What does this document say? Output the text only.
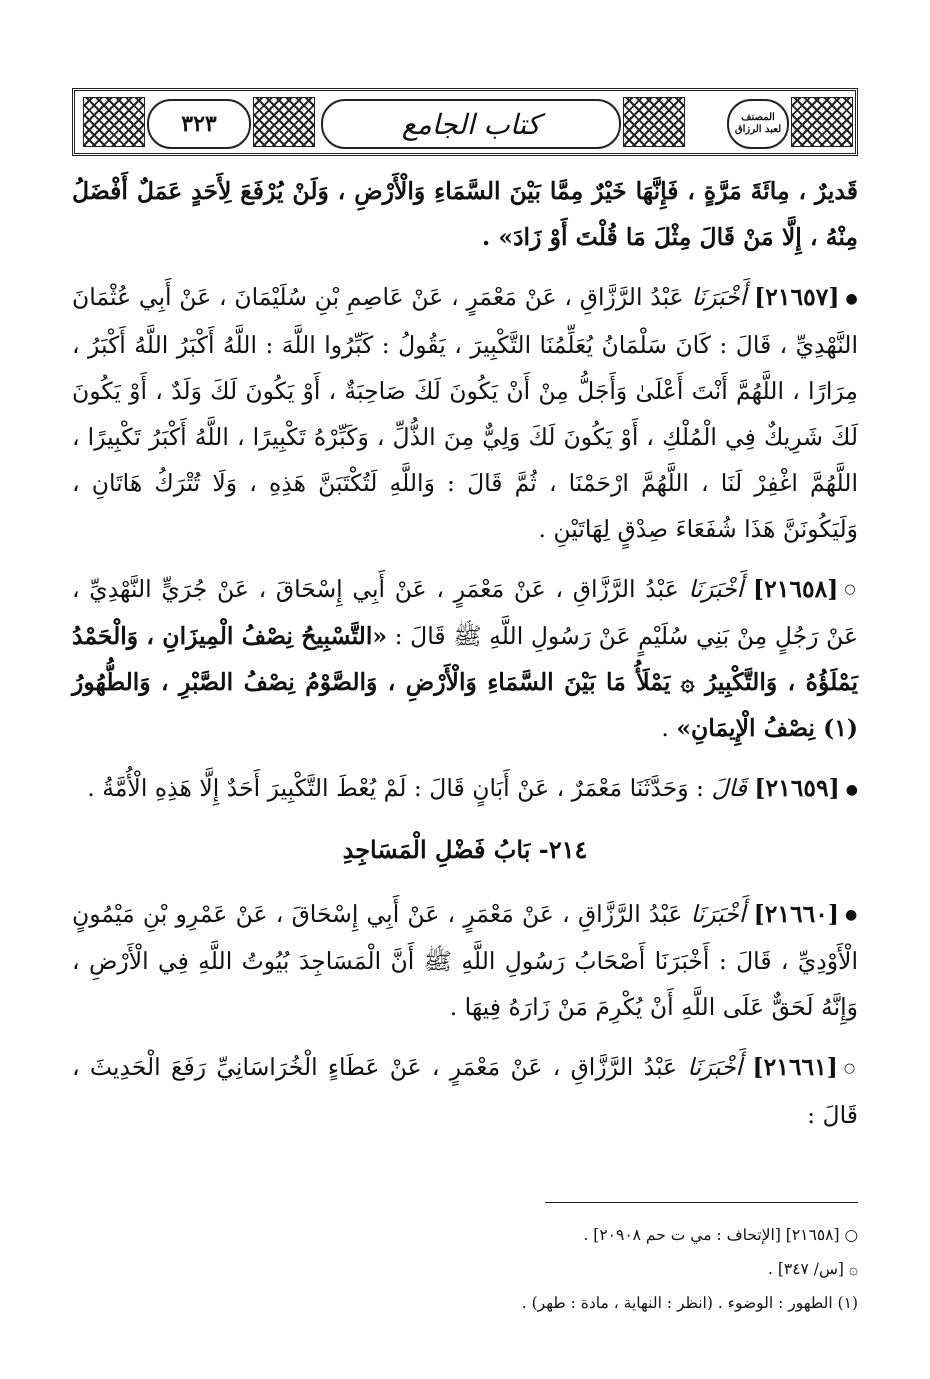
٣٢٣	كتاب الجامع	المصنف
لعبد الرزاق

قَديرٌ ، مِائَةَ مَرَّةٍ ، فَإِنَّهَا خَيْرٌ مِمَّا بَيْنَ السَّمَاءِ وَالْأَرْضِ ، وَلَنْ يُرْفَعَ لِأَحَدٍ عَمَلٌ أَفْضَلُ مِنْهُ ، إِلَّا مَنْ قَالَ مِثْلَ مَا قُلْتَ أَوْ زَادَ» .

●[٢١٦٥٧] أَخْبَرَنَا عَبْدُ الرَّزَّاقِ ، عَنْ مَعْمَرٍ ، عَنْ عَاصِمِ بْنِ سُلَيْمَانَ ، عَنْ أَبِي عُثْمَانَ النَّهْدِيِّ ، قَالَ : كَانَ سَلْمَانُ يُعَلِّمُنَا التَّكْبِيرَ ، يَقُولُ : كَبِّرُوا اللَّهَ : اللَّهُ أَكْبَرُ اللَّهُ أَكْبَرُ ، مِرَارًا ، اللَّهُمَّ أَنْتَ أَعْلَىٰ وَأَجَلُّ مِنْ أَنْ يَكُونَ لَكَ صَاحِبَةٌ ، أَوْ يَكُونَ لَكَ وَلَدٌ ، أَوْ يَكُونَ لَكَ شَرِيكٌ فِي الْمُلْكِ ، أَوْ يَكُونَ لَكَ وَلِيٌّ مِنَ الذُّلِّ ، وَكَبِّرْهُ تَكْبِيرًا ، اللَّهُ أَكْبَرُ تَكْبِيرًا ، اللَّهُمَّ اغْفِرْ لَنَا ، اللَّهُمَّ ارْحَمْنَا ، ثُمَّ قَالَ : وَاللَّهِ لَتُكْتَبَنَّ هَذِهِ ، وَلَا تُتْرَكُ هَاتَانِ ، وَلَيَكُونَنَّ هَذَا شُفَعَاءَ صِدْقٍ لِهَاتَيْنِ .

○[٢١٦٥٨] أَخْبَرَنَا عَبْدُ الرَّزَّاقِ ، عَنْ مَعْمَرٍ ، عَنْ أَبِي إِسْحَاقَ ، عَنْ جُرَيٍّ النَّهْدِيِّ ، عَنْ رَجُلٍ مِنْ بَنِي سُلَيْمٍ عَنْ رَسُولِ اللَّهِ ﷺ قَالَ : «التَّسْبِيحُ نِصْفُ الْمِيزَانِ ، وَالْحَمْدُ يَمْلَؤُهُ ، وَالتَّكْبِيرُ ۞ يَمْلَأُ مَا بَيْنَ السَّمَاءِ وَالْأَرْضِ ، وَالصَّوْمُ نِصْفُ الصَّبْرِ ، وَالطُّهُورُ (١) نِصْفُ الْإِيمَانِ» .

●[٢١٦٥٩] قَالَ : وَحَدَّثَنَا مَعْمَرٌ ، عَنْ أَبَانٍ قَالَ : لَمْ يُعْطَ التَّكْبِيرَ أَحَدٌ إِلَّا هَذِهِ الْأُمَّةُ .

٢١٤- بَابُ فَضْلِ الْمَسَاجِدِ

●[٢١٦٦٠] أَخْبَرَنَا عَبْدُ الرَّزَّاقِ ، عَنْ مَعْمَرٍ ، عَنْ أَبِي إِسْحَاقَ ، عَنْ عَمْرِو بْنِ مَيْمُونٍ الْأَوْدِيِّ ، قَالَ : أَخْبَرَنَا أَصْحَابُ رَسُولِ اللَّهِ ﷺ أَنَّ الْمَسَاجِدَ بُيُوتُ اللَّهِ فِي الْأَرْضِ ، وَإِنَّهُ لَحَقٌّ عَلَى اللَّهِ أَنْ يُكْرِمَ مَنْ زَارَهُ فِيهَا .

○[٢١٦٦١] أَخْبَرَنَا عَبْدُ الرَّزَّاقِ ، عَنْ مَعْمَرٍ ، عَنْ عَطَاءٍ الْخُرَاسَانِيِّ رَفَعَ الْحَدِيثَ ، قَالَ :

○ [٢١٦٥٨] [الإتحاف : مي ت حم ٢٠٩٠٨] .
۞ [س/ ٣٤٧] .
(١) الطهور : الوضوء . (انظر : النهاية ، مادة : طهر) .
